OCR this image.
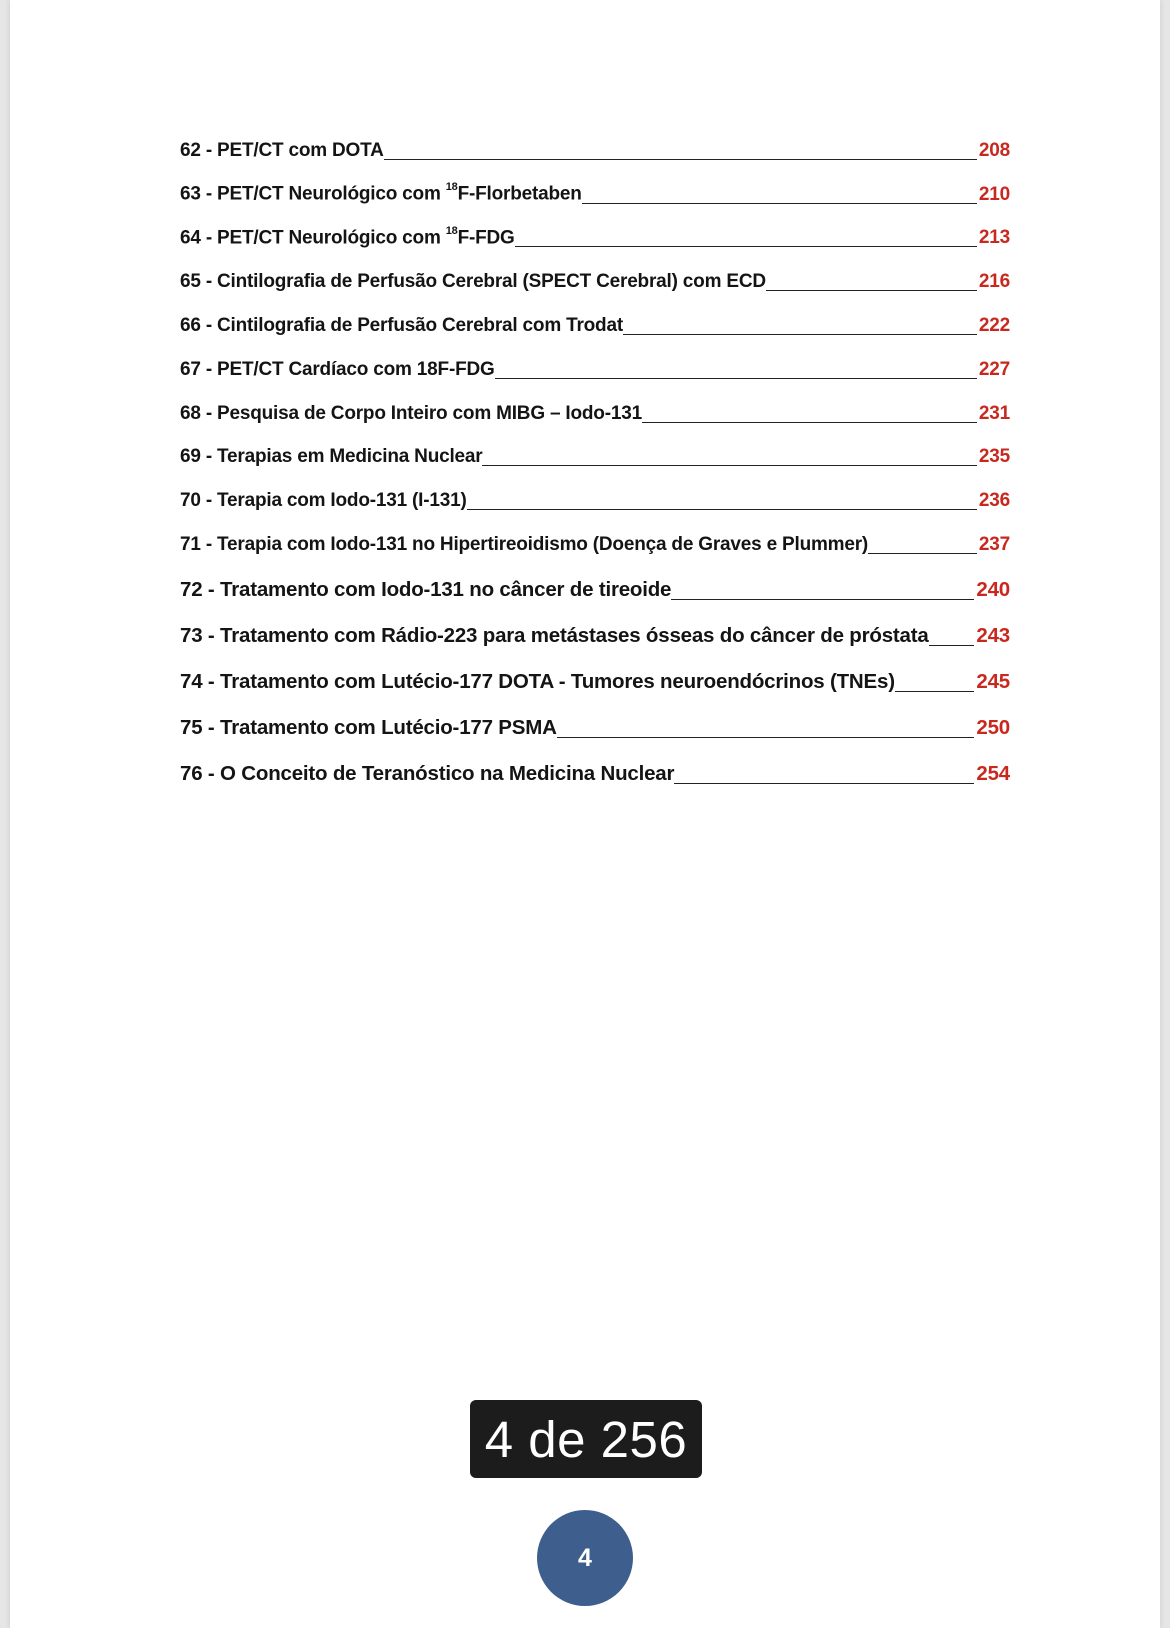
62 - PET/CT com DOTA	208
63 - PET/CT Neurológico com $^{18}$F-Florbetaben	210
64 - PET/CT Neurológico com $^{18}$F-FDG	213
65 - Cintilografia de Perfusão Cerebral (SPECT Cerebral) com ECD	216
66 - Cintilografia de Perfusão Cerebral com Trodat	222
67 - PET/CT Cardíaco com 18F-FDG	227
68 - Pesquisa de Corpo Inteiro com MIBG – Iodo-131	231
69 - Terapias em Medicina Nuclear	235
70 - Terapia com Iodo-131 (I-131)	236
71 - Terapia com Iodo-131 no Hipertireoidismo (Doença de Graves e Plummer)	237
72 - Tratamento com Iodo-131 no câncer de tireoide	240
73 - Tratamento com Rádio-223 para metástases ósseas do câncer de próstata 243
74 - Tratamento com Lutécio-177 DOTA - Tumores neuroendócrinos (TNEs)	245
75 - Tratamento com Lutécio-177 PSMA	250
76 - O Conceito de Teranóstico na Medicina Nuclear	254
4 de 256
4
